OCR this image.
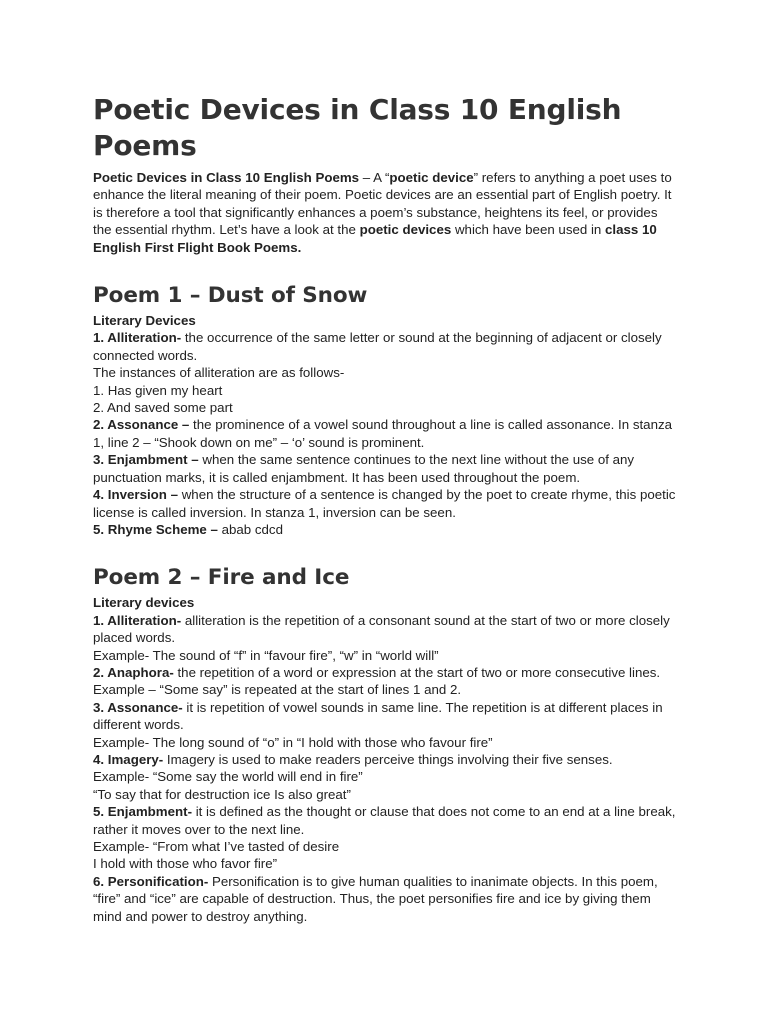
Poetic Devices in Class 10 English Poems

Poetic Devices in Class 10 English Poems – A “poetic device” refers to anything a poet uses to enhance the literal meaning of their poem. Poetic devices are an essential part of English poetry. It is therefore a tool that significantly enhances a poem’s substance, heightens its feel, or provides the essential rhythm. Let’s have a look at the poetic devices which have been used in class 10 English First Flight Book Poems.

Poem 1 – Dust of Snow

Literary Devices

1. Alliteration- the occurrence of the same letter or sound at the beginning of adjacent or closely connected words.

The instances of alliteration are as follows-

1. Has given my heart

2. And saved some part

2. Assonance – the prominence of a vowel sound throughout a line is called assonance. In stanza 1, line 2 – “Shook down on me” – ‘o’ sound is prominent.

3. Enjambment – when the same sentence continues to the next line without the use of any punctuation marks, it is called enjambment. It has been used throughout the poem.

4. Inversion – when the structure of a sentence is changed by the poet to create rhyme, this poetic license is called inversion. In stanza 1, inversion can be seen.

5. Rhyme Scheme – abab cdcd

Poem 2 – Fire and Ice

Literary devices

1. Alliteration- alliteration is the repetition of a consonant sound at the start of two or more closely placed words.

Example- The sound of “f” in “favour fire”, “w” in “world will”

2. Anaphora- the repetition of a word or expression at the start of two or more consecutive lines.

Example – “Some say” is repeated at the start of lines 1 and 2.

3. Assonance- it is repetition of vowel sounds in same line. The repetition is at different places in different words.

Example- The long sound of “o” in “I hold with those who favour fire”

4. Imagery- Imagery is used to make readers perceive things involving their five senses.

Example- “Some say the world will end in fire”

“To say that for destruction ice Is also great”

5. Enjambment- it is defined as the thought or clause that does not come to an end at a line break, rather it moves over to the next line.

Example- “From what I’ve tasted of desire

I hold with those who favor fire”

6. Personification- Personification is to give human qualities to inanimate objects. In this poem, “fire” and “ice” are capable of destruction. Thus, the poet personifies fire and ice by giving them mind and power to destroy anything.
